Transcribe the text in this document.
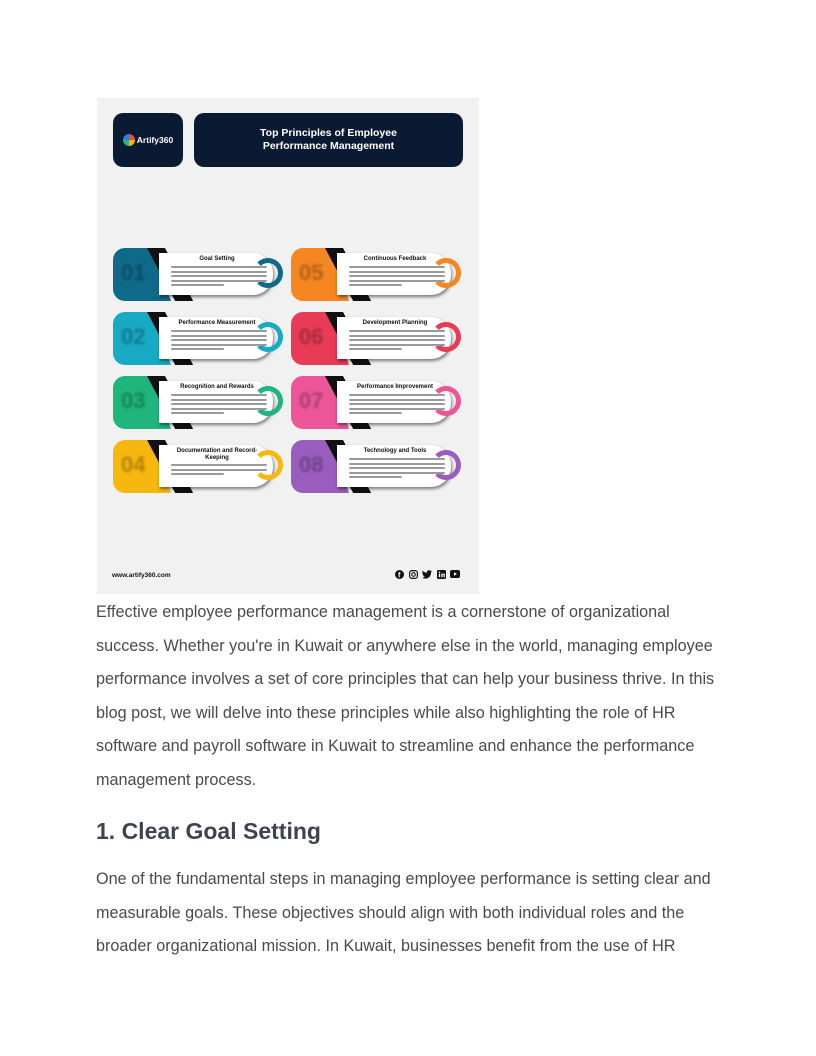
Artify360
Top Principles of Employee
Performance Management
01
Goal Setting
02
Performance Measurement
03
Recognition and Rewards
04
Documentation and Record-Keeping
05
Continuous Feedback
06
Development Planning
07
Performance Improvement
08
Technology and Tools
www.artify360.com	f

Effective employee performance management is a cornerstone of organizational success. Whether you're in Kuwait or anywhere else in the world, managing employee performance involves a set of core principles that can help your business thrive. In this blog post, we will delve into these principles while also highlighting the role of HR software and payroll software in Kuwait to streamline and enhance the performance management process.

1. Clear Goal Setting

One of the fundamental steps in managing employee performance is setting clear and measurable goals. These objectives should align with both individual roles and the broader organizational mission. In Kuwait, businesses benefit from the use of HR
